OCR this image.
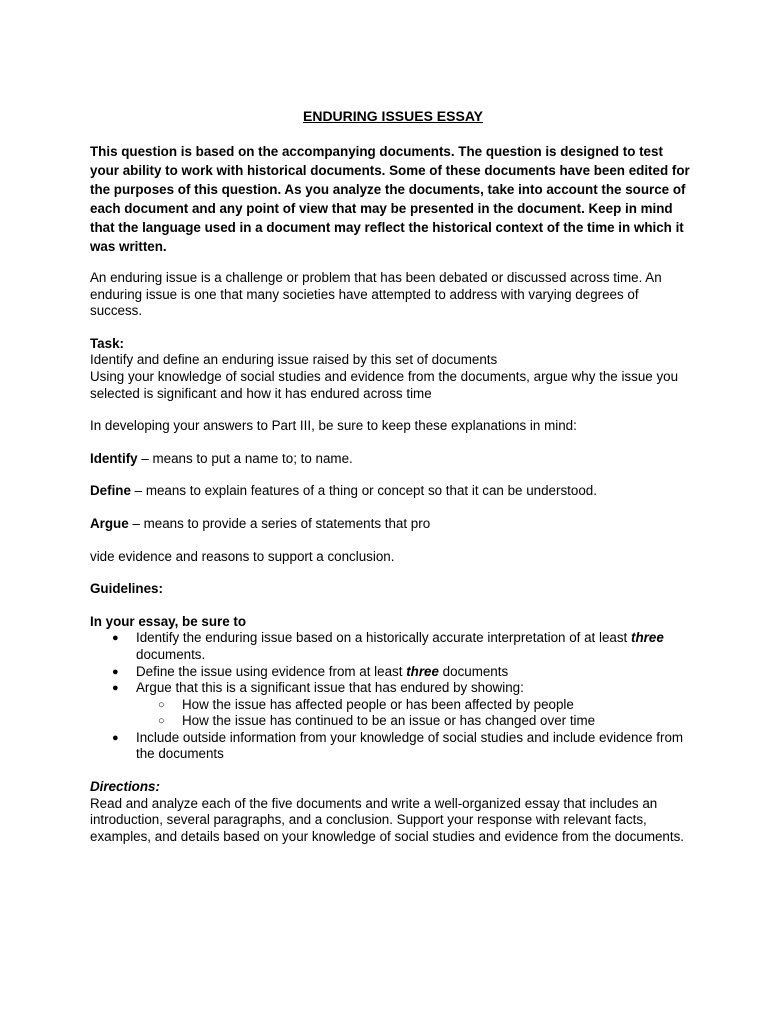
ENDURING ISSUES ESSAY

This question is based on the accompanying documents. The question is designed to test your ability to work with historical documents. Some of these documents have been edited for the purposes of this question. As you analyze the documents, take into account the source of each document and any point of view that may be presented in the document. Keep in mind that the language used in a document may reflect the historical context of the time in which it was written.

An enduring issue is a challenge or problem that has been debated or discussed across time. An enduring issue is one that many societies have attempted to address with varying degrees of success.

Task:

Identify and define an enduring issue raised by this set of documents

Using your knowledge of social studies and evidence from the documents, argue why the issue you selected is significant and how it has endured across time

In developing your answers to Part III, be sure to keep these explanations in mind:

Identify – means to put a name to; to name.

Define – means to explain features of a thing or concept so that it can be understood.

Argue – means to provide a series of statements that pro

vide evidence and reasons to support a conclusion.

Guidelines:

In your essay, be sure to

●	Identify the enduring issue based on a historically accurate interpretation of at least three documents.
●	Define the issue using evidence from at least three documents
●	Argue that this is a significant issue that has endured by showing:
○	How the issue has affected people or has been affected by people
○	How the issue has continued to be an issue or has changed over time
●	Include outside information from your knowledge of social studies and include evidence from the documents

Directions:

Read and analyze each of the five documents and write a well-organized essay that includes an introduction, several paragraphs, and a conclusion. Support your response with relevant facts, examples, and details based on your knowledge of social studies and evidence from the documents.
